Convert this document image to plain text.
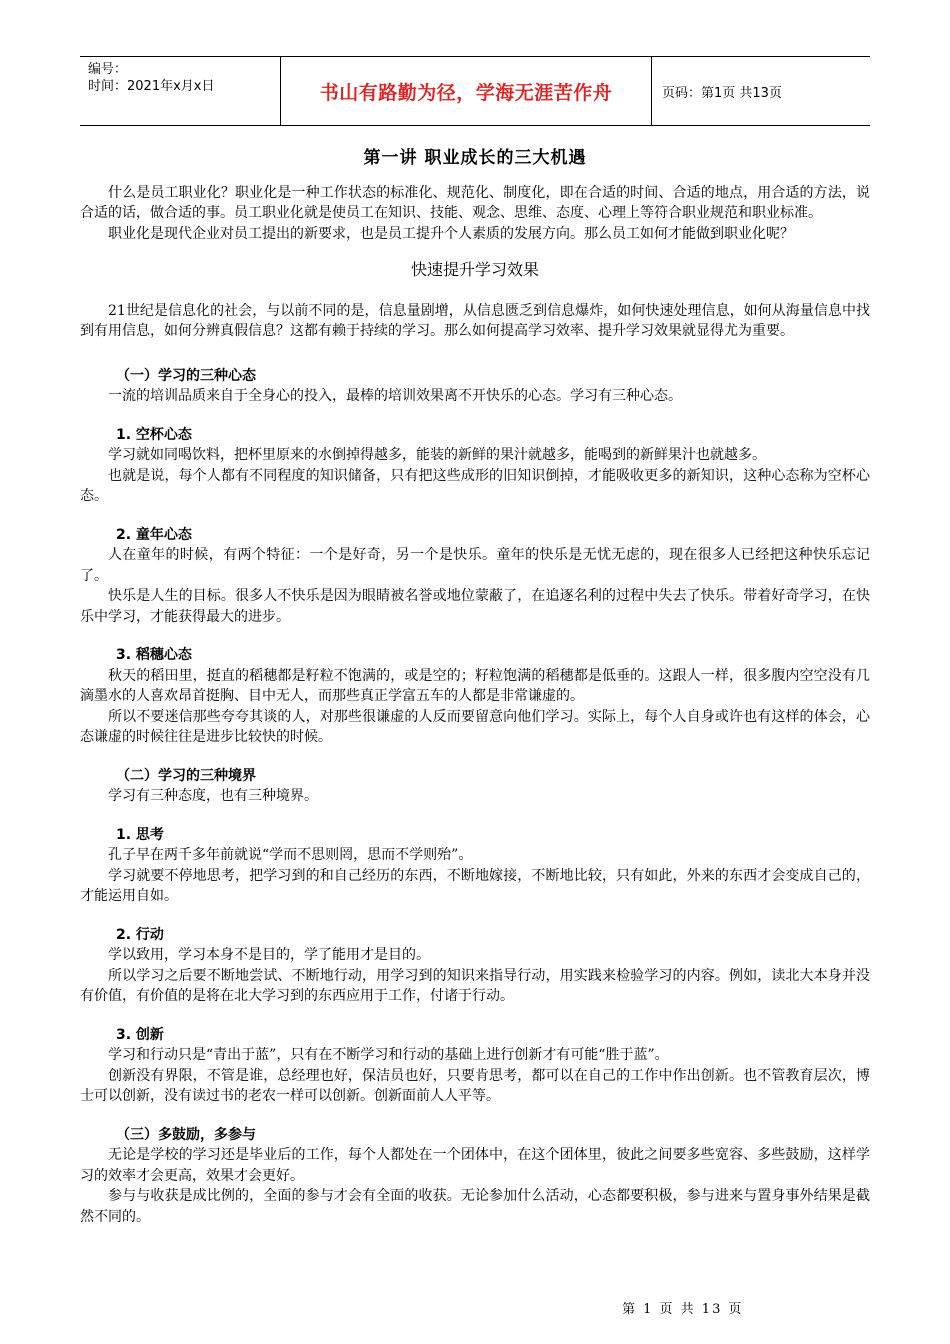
编号：
时间：2021年x月x日	书山有路勤为径，学海无涯苦作舟	页码：第1页 共13页
第一讲 职业成长的三大机遇

什么是员工职业化？职业化是一种工作状态的标准化、规范化、制度化，即在合适的时间、合适的地点，用合适的方法，说合适的话，做合适的事。员工职业化就是使员工在知识、技能、观念、思维、态度、心理上等符合职业规范和职业标准。

职业化是现代企业对员工提出的新要求，也是员工提升个人素质的发展方向。那么员工如何才能做到职业化呢？

快速提升学习效果

21世纪是信息化的社会，与以前不同的是，信息量剧增，从信息匮乏到信息爆炸，如何快速处理信息，如何从海量信息中找到有用信息，如何分辨真假信息？这都有赖于持续的学习。那么如何提高学习效率、提升学习效果就显得尤为重要。

（一）学习的三种心态

一流的培训品质来自于全身心的投入，最棒的培训效果离不开快乐的心态。学习有三种心态。

1. 空杯心态

学习就如同喝饮料，把杯里原来的水倒掉得越多，能装的新鲜的果汁就越多，能喝到的新鲜果汁也就越多。

也就是说，每个人都有不同程度的知识储备，只有把这些成形的旧知识倒掉，才能吸收更多的新知识，这种心态称为空杯心态。

2. 童年心态

人在童年的时候，有两个特征：一个是好奇，另一个是快乐。童年的快乐是无忧无虑的，现在很多人已经把这种快乐忘记了。

快乐是人生的目标。很多人不快乐是因为眼睛被名誉或地位蒙蔽了，在追逐名利的过程中失去了快乐。带着好奇学习，在快乐中学习，才能获得最大的进步。

3. 稻穗心态

秋天的稻田里，挺直的稻穗都是籽粒不饱满的，或是空的；籽粒饱满的稻穗都是低垂的。这跟人一样，很多腹内空空没有几滴墨水的人喜欢昂首挺胸、目中无人，而那些真正学富五车的人都是非常谦虚的。

所以不要迷信那些夸夸其谈的人，对那些很谦虚的人反而要留意向他们学习。实际上，每个人自身或许也有这样的体会，心态谦虚的时候往往是进步比较快的时候。

（二）学习的三种境界

学习有三种态度，也有三种境界。

1. 思考

孔子早在两千多年前就说“学而不思则罔，思而不学则殆”。

学习就要不停地思考，把学习到的和自己经历的东西，不断地嫁接，不断地比较，只有如此，外来的东西才会变成自己的，才能运用自如。

2. 行动

学以致用，学习本身不是目的，学了能用才是目的。

所以学习之后要不断地尝试、不断地行动，用学习到的知识来指导行动，用实践来检验学习的内容。例如，读北大本身并没有价值，有价值的是将在北大学习到的东西应用于工作，付诸于行动。

3. 创新

学习和行动只是“青出于蓝”，只有在不断学习和行动的基础上进行创新才有可能“胜于蓝”。

创新没有界限，不管是谁，总经理也好，保洁员也好，只要肯思考，都可以在自己的工作中作出创新。也不管教育层次，博士可以创新，没有读过书的老农一样可以创新。创新面前人人平等。

（三）多鼓励，多参与

无论是学校的学习还是毕业后的工作，每个人都处在一个团体中，在这个团体里，彼此之间要多些宽容、多些鼓励，这样学习的效率才会更高，效果才会更好。

参与与收获是成比例的，全面的参与才会有全面的收获。无论参加什么活动，心态都要积极，参与进来与置身事外结果是截然不同的。

第 1 页 共 13 页
